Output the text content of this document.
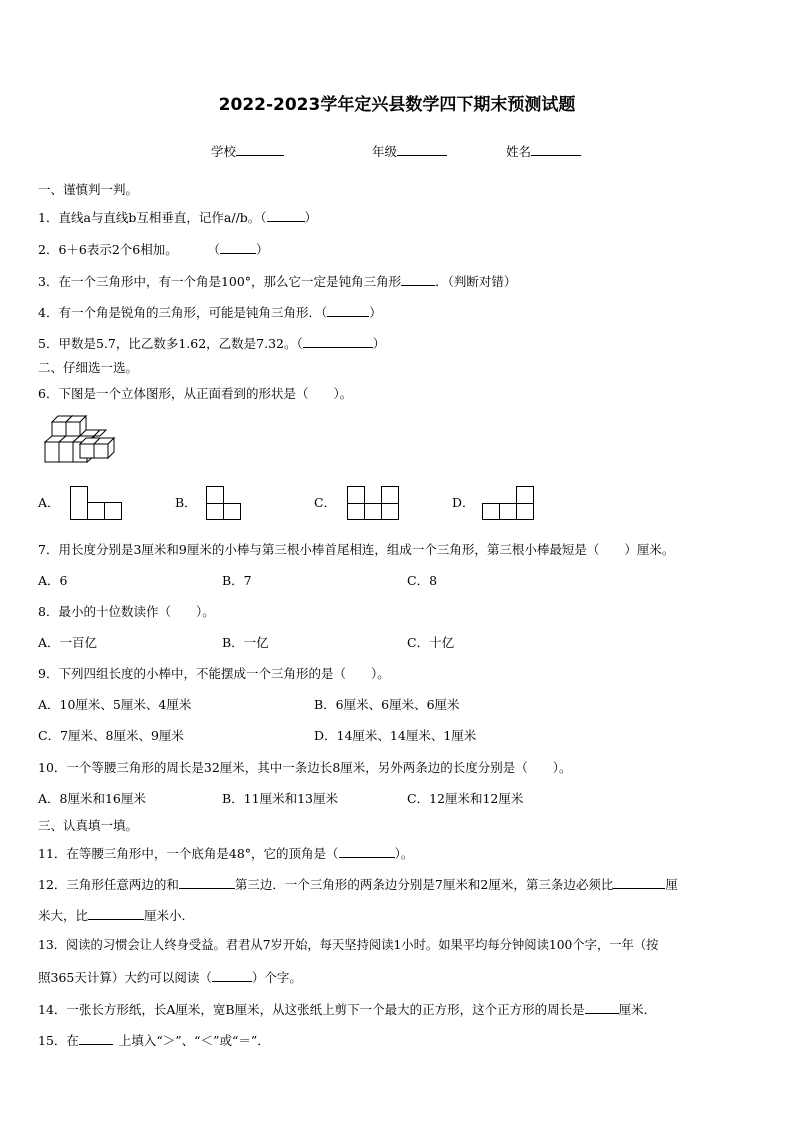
2022-2023学年定兴县数学四下期末预测试题
学校	年级	姓名
一、谨慎判一判。
1．直线a与直线b互相垂直，记作a//b。（	）
2．6＋6表示2个6相加。	（	）
3．在一个三角形中，有一个角是100°，那么它一定是钝角三角形	．（判断对错）
4．有一个角是锐角的三角形，可能是钝角三角形．（	）
5．甲数是5.7，比乙数多1.62，乙数是7.32。（	）
二、仔细选一选。
6．下图是一个立体图形，从正面看到的形状是（　　）。
A．	B．	C．	D．
7．用长度分别是3厘米和9厘米的小棒与第三根小棒首尾相连，组成一个三角形，第三根小棒最短是（　　）厘米。
A．6	B．7	C．8
8．最小的十位数读作（　　）。
A．一百亿	B．一亿	C．十亿
9．下列四组长度的小棒中，不能摆成一个三角形的是（　　）。
A．10厘米、5厘米、4厘米	B．6厘米、6厘米、6厘米
C．7厘米、8厘米、9厘米	D．14厘米、14厘米、1厘米
10．一个等腰三角形的周长是32厘米，其中一条边长8厘米，另外两条边的长度分别是（　　）。
A．8厘米和16厘米	B．11厘米和13厘米	C．12厘米和12厘米
三、认真填一填。
11．在等腰三角形中，一个底角是48°，它的顶角是（	）。
12．三角形任意两边的和	第三边．一个三角形的两条边分别是7厘米和2厘米，第三条边必须比	厘
米大，比	厘米小．
13．阅读的习惯会让人终身受益。君君从7岁开始，每天坚持阅读1小时。如果平均每分钟阅读100个字，一年（按
照365天计算）大约可以阅读（	）个字。
14．一张长方形纸，长A厘米，宽B厘米，从这张纸上剪下一个最大的正方形，这个正方形的周长是	厘米．
15．在	上填入“＞”、“＜”或“＝”．
